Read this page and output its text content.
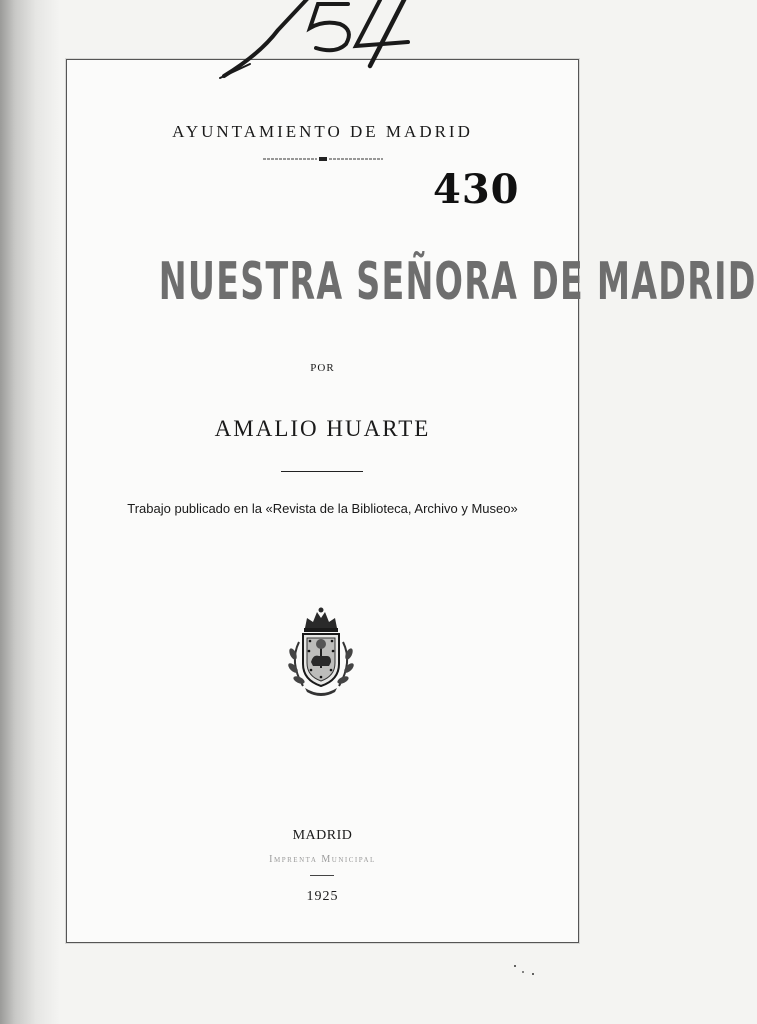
AYUNTAMIENTO DE MADRID
430
NUESTRA SEÑORA DE MADRID
POR
AMALIO HUARTE
Trabajo publicado en la «Revista de la Biblioteca, Archivo y Museo»
MADRID
Imprenta Municipal
1925
